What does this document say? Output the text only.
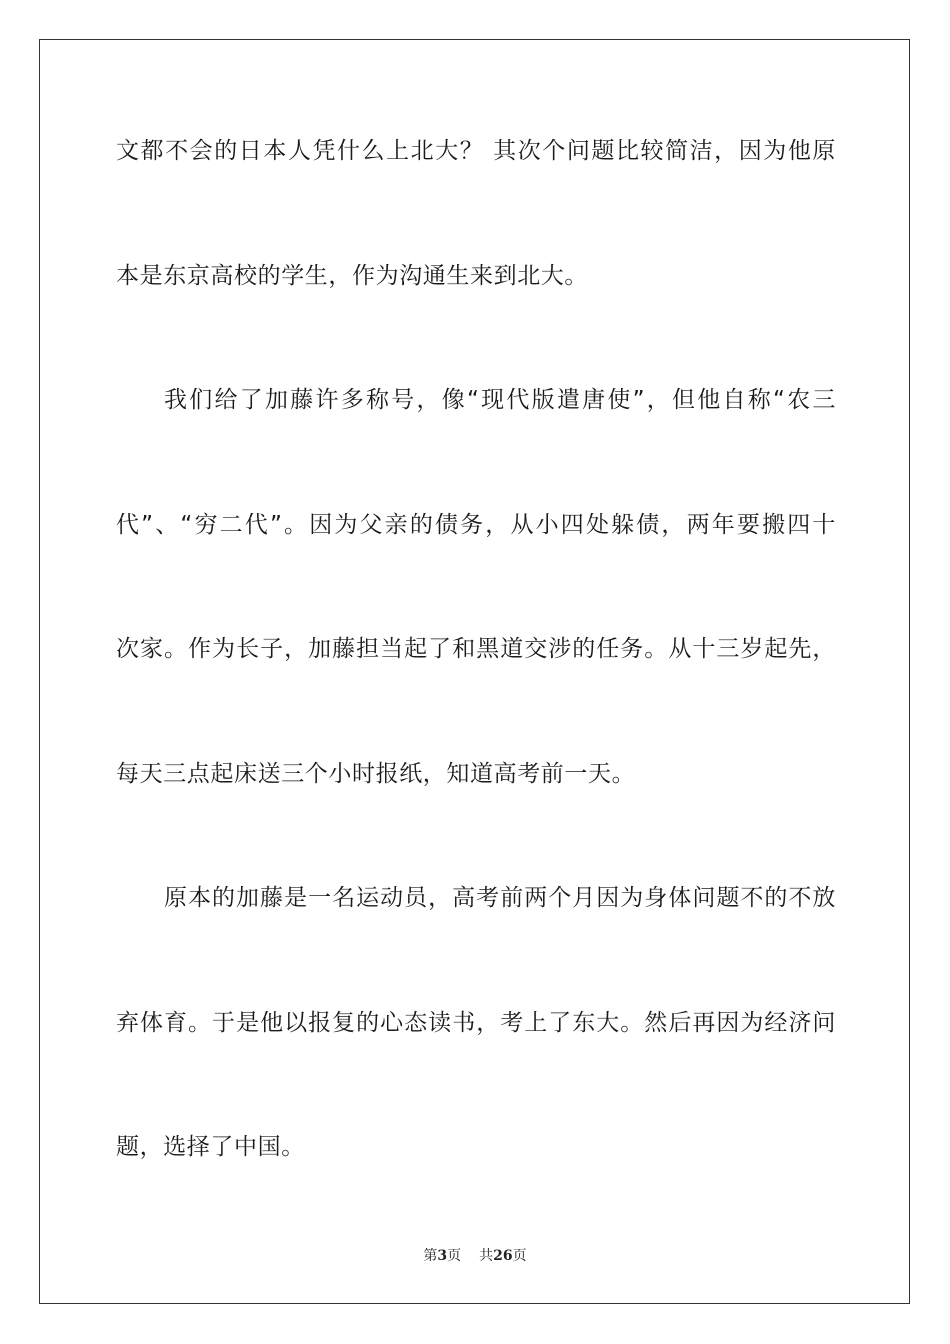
文都不会的日本人凭什么上北大？ 其次个问题比较简洁，因为他原
本是东京高校的学生，作为沟通生来到北大。
我们给了加藤许多称号，像“现代版遣唐使”，但他自称“农三
代”、“穷二代”。因为父亲的债务，从小四处躲债，两年要搬四十
次家。作为长子，加藤担当起了和黑道交涉的任务。从十三岁起先，
每天三点起床送三个小时报纸，知道高考前一天。
原本的加藤是一名运动员，高考前两个月因为身体问题不的不放
弃体育。于是他以报复的心态读书，考上了东大。然后再因为经济问
题，选择了中国。
第3页 共26页
